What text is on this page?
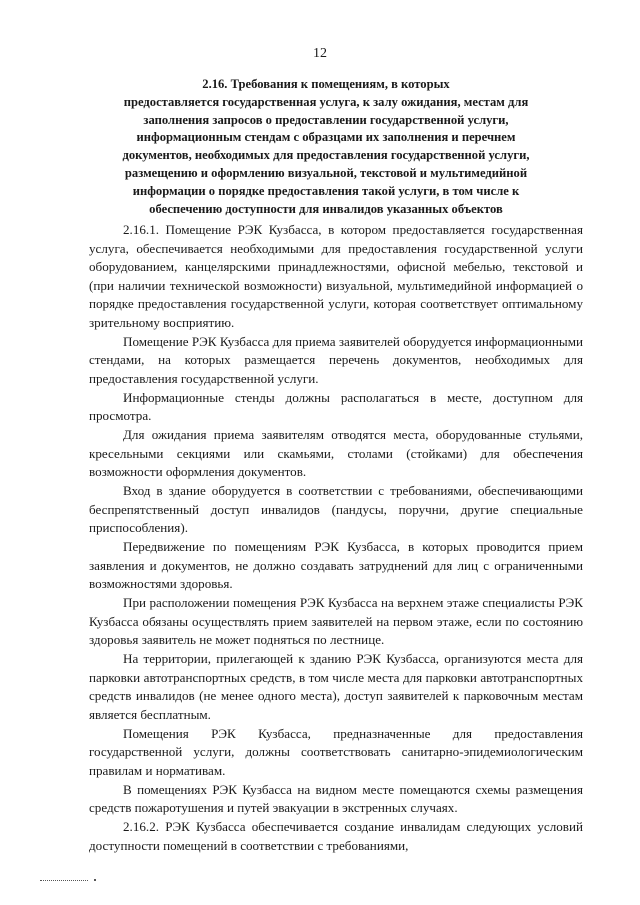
12
2.16. Требования к помещениям, в которых
предоставляется государственная услуга, к залу ожидания, местам для
заполнения запросов о предоставлении государственной услуги,
информационным стендам с образцами их заполнения и перечнем
документов, необходимых для предоставления государственной услуги,
размещению и оформлению визуальной, текстовой и мультимедийной
информации о порядке предоставления такой услуги, в том числе к
обеспечению доступности для инвалидов указанных объектов

2.16.1. Помещение РЭК Кузбасса, в котором предоставляется государственная услуга, обеспечивается необходимыми для предоставления государственной услуги оборудованием, канцелярскими принадлежностями, офисной мебелью, текстовой и (при наличии технической возможности) визуальной, мультимедийной информацией о порядке предоставления государственной услуги, которая соответствует оптимальному зрительному восприятию.

Помещение РЭК Кузбасса для приема заявителей оборудуется информационными стендами, на которых размещается перечень документов, необходимых для предоставления государственной услуги.

Информационные стенды должны располагаться в месте, доступном для просмотра.

Для ожидания приема заявителям отводятся места, оборудованные стульями, кресельными секциями или скамьями, столами (стойками) для обеспечения возможности оформления документов.

Вход в здание оборудуется в соответствии с требованиями, обеспечивающими беспрепятственный доступ инвалидов (пандусы, поручни, другие специальные приспособления).

Передвижение по помещениям РЭК Кузбасса, в которых проводится прием заявления и документов, не должно создавать затруднений для лиц с ограниченными возможностями здоровья.

При расположении помещения РЭК Кузбасса на верхнем этаже специалисты РЭК Кузбасса обязаны осуществлять прием заявителей на первом этаже, если по состоянию здоровья заявитель не может подняться по лестнице.

На территории, прилегающей к зданию РЭК Кузбасса, организуются места для парковки автотранспортных средств, в том числе места для парковки автотранспортных средств инвалидов (не менее одного места), доступ заявителей к парковочным местам является бесплатным.

Помещения РЭК Кузбасса, предназначенные для предоставления государственной услуги, должны соответствовать санитарно-эпидемиологическим правилам и нормативам.

В помещениях РЭК Кузбасса на видном месте помещаются схемы размещения средств пожаротушения и путей эвакуации в экстренных случаях.

2.16.2. РЭК Кузбасса обеспечивается создание инвалидам следующих условий доступности помещений в соответствии с требованиями,
